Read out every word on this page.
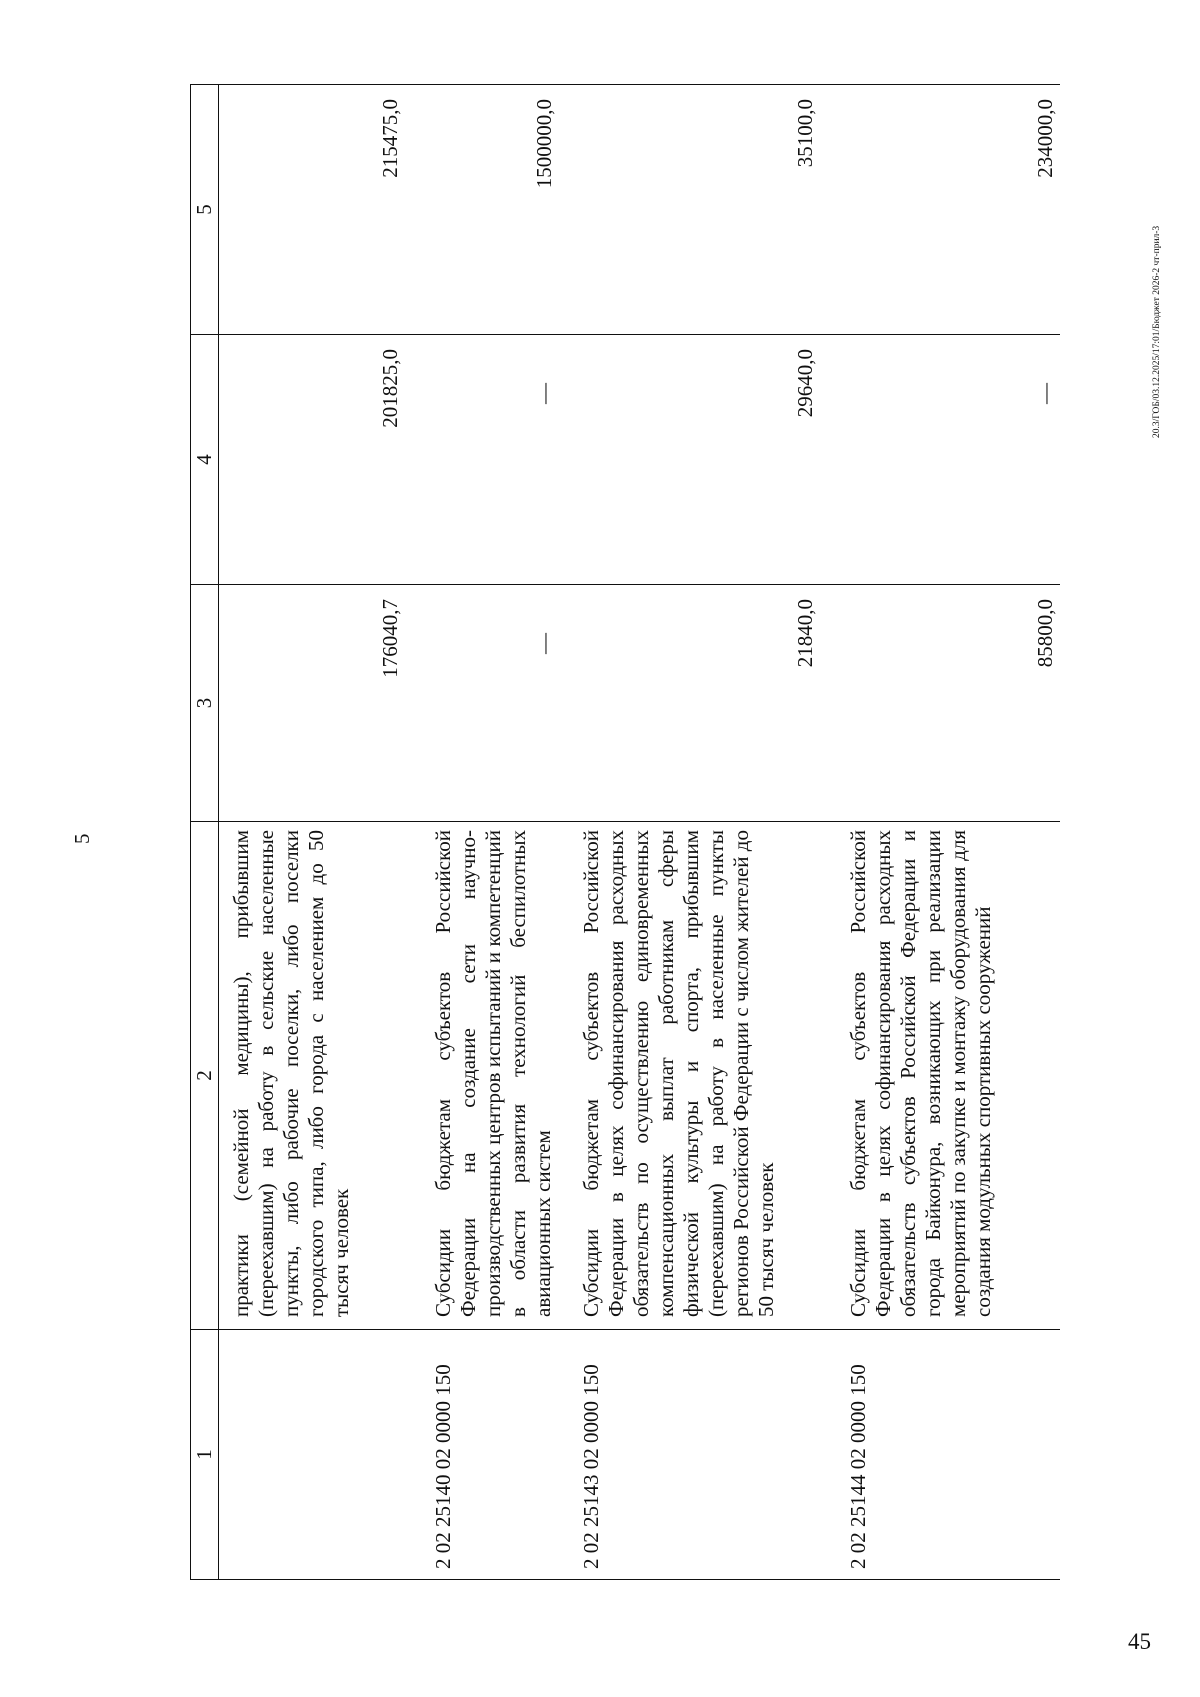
5
1	2	3	4	5
	практики (семейной медицины), прибывшим (переехавшим) на работу в сельские населенные пункты, либо рабочие поселки, либо поселки городского типа, либо города с населением до 50 тысяч человек	176040,7	201825,0	215475,0
2 02 25140 02 0000 150	Субсидии бюджетам субъектов Российской Федерации на создание сети научно-производственных центров испытаний и компетенций в области развития технологий беспилотных авиационных систем	—	—	1500000,0
2 02 25143 02 0000 150	Субсидии бюджетам субъектов Российской Федерации в целях софинансирования расходных обязательств по осуществлению единовременных компенсационных выплат работникам сферы физической культуры и спорта, прибывшим (переехавшим) на работу в населенные пункты регионов Российской Федерации с числом жителей до 50 тысяч человек	21840,0	29640,0	35100,0
2 02 25144 02 0000 150	Субсидии бюджетам субъектов Российской Федерации в целях софинансирования расходных обязательств субъектов Российской Федерации и города Байконура, возникающих при реализации мероприятий по закупке и монтажу оборудования для создания модульных спортивных сооружений	85800,0	—	234000,0
20.3/ГОБ/03.12.2025/17:01/Бюджет 2026-2 чт-прил-3
45
